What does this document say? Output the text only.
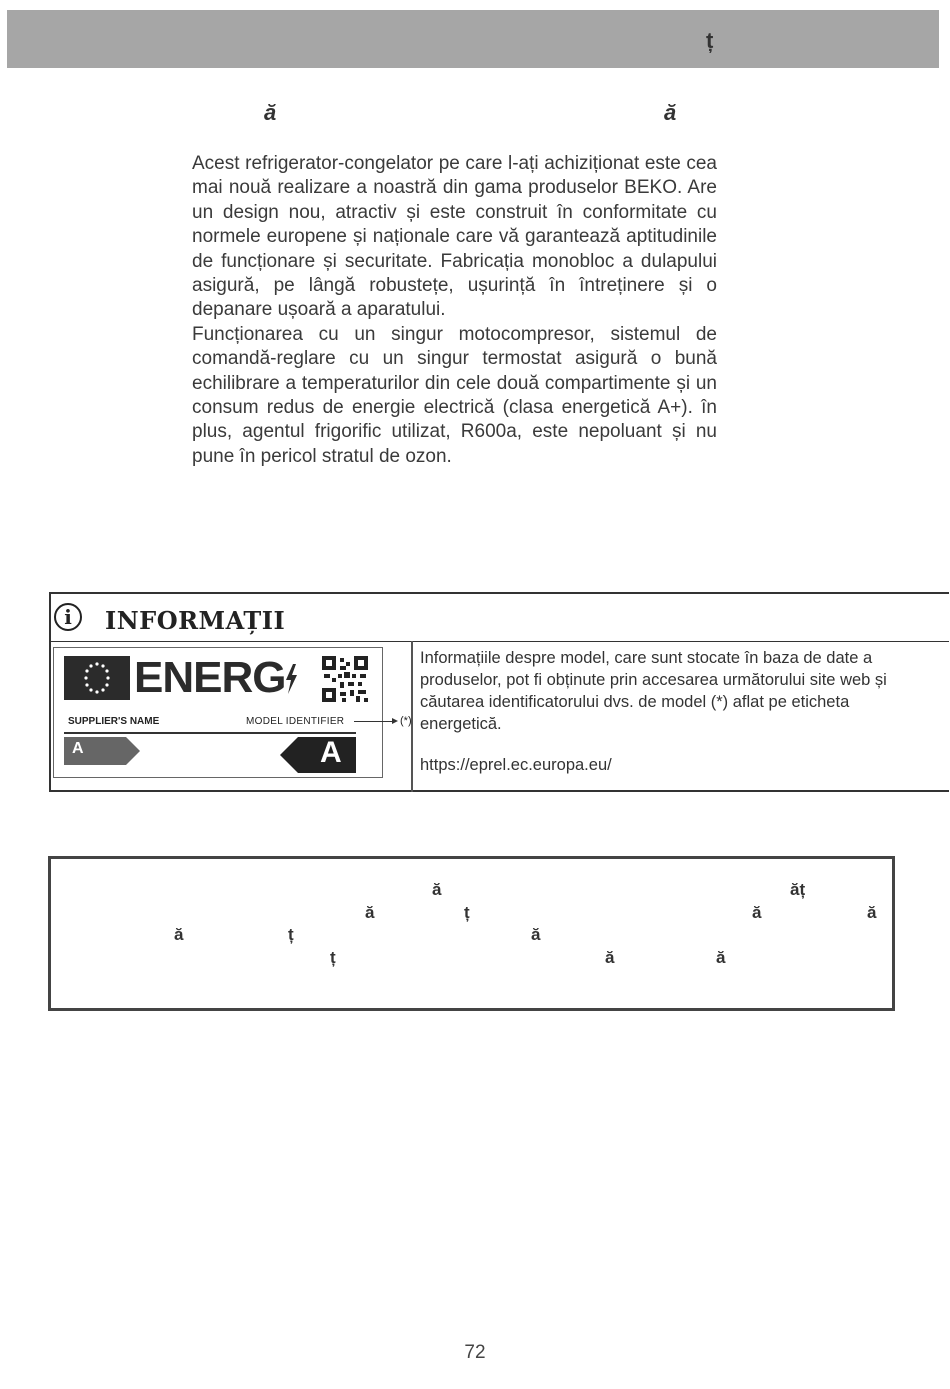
ț
ă	ă

Acest refrigerator-congelator pe care l-ați achiziționat este cea mai nouă realizare a noastră din gama produselor BEKO. Are un design nou, atractiv și este construit în conformitate cu normele europene și naționale care vă garantează aptitudinile de funcționare și securitate. Fabricația monobloc a dulapului asigură, pe lângă robustețe, ușurință în întreținere și o depanare ușoară a aparatului.

Funcționarea cu un singur motocompresor, sistemul de comandă-reglare cu un singur termostat asigură o bună echilibrare a temperaturilor din cele două compartimente și un consum redus de energie electrică (clasa energetică A+). în plus, agentul frigorific utilizat, R600a, este nepoluant și nu pune în pericol stratul de ozon.

i	INFORMAȚII
ENERG
SUPPLIER'S NAME	MODEL IDENTIFIER	(*)
A	A

Informațiile despre model, care sunt stocate în baza de date a produselor, pot fi obținute prin accesarea următorului site web și căutarea identificatorului dvs. de model (*) aflat pe eticheta energetică.

https://eprel.ec.europa.eu/
ă	ăț
ă	ț	ă	ă
ă	ț	ă
ț	ă	ă
72
